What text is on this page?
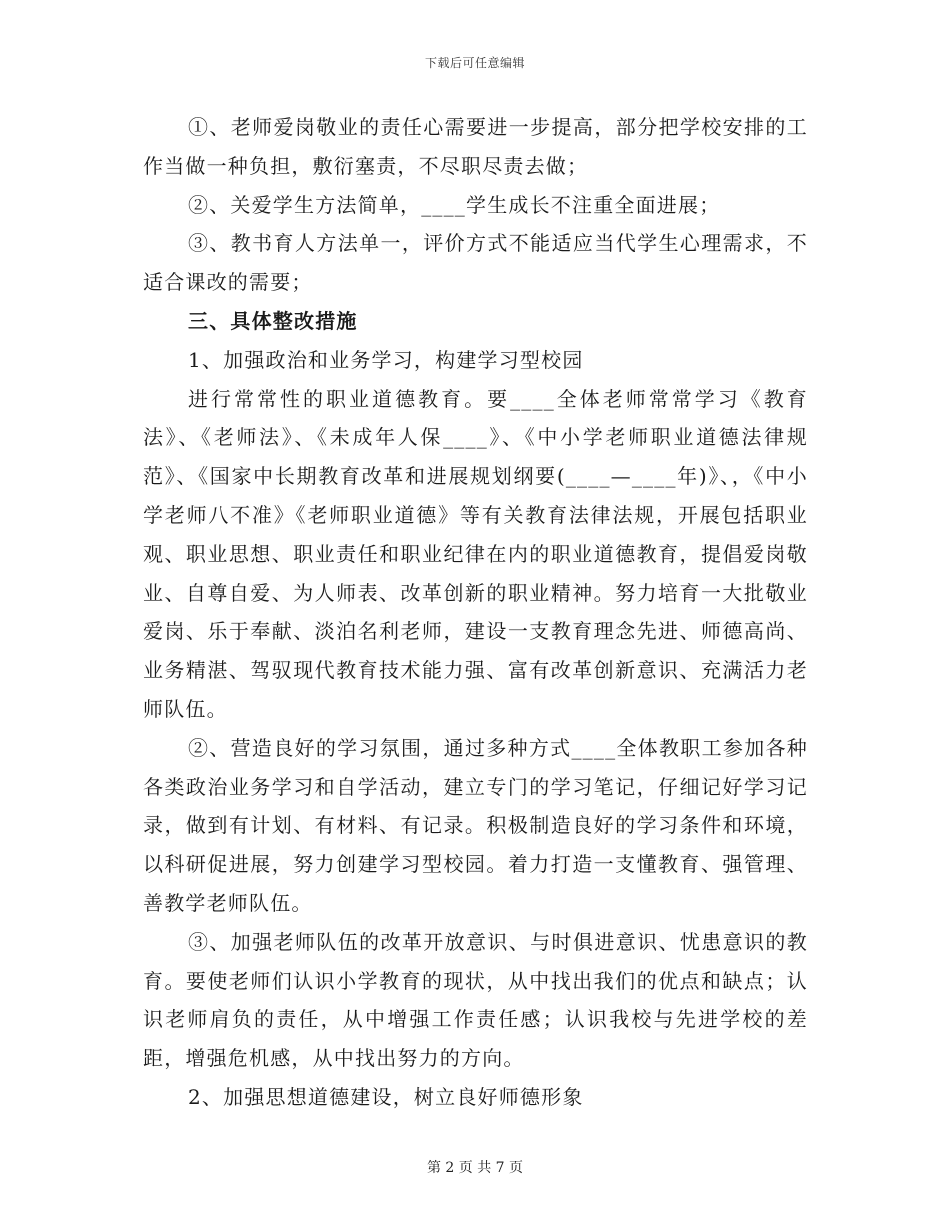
下载后可任意编辑

①、老师爱岗敬业的责任心需要进一步提高，部分把学校安排的工作当做一种负担，敷衍塞责，不尽职尽责去做；

②、关爱学生方法简单，____学生成长不注重全面进展；

③、教书育人方法单一，评价方式不能适应当代学生心理需求，不适合课改的需要；

三、具体整改措施

1、加强政治和业务学习，构建学习型校园

进行常常性的职业道德教育。要____全体老师常常学习《教育法》、《老师法》、《未成年人保____》、《中小学老师职业道德法律规范》、《国家中长期教育改革和进展规划纲要(____—____年)》、，《中小学老师八不准》《老师职业道德》等有关教育法律法规，开展包括职业观、职业思想、职业责任和职业纪律在内的职业道德教育，提倡爱岗敬业、自尊自爱、为人师表、改革创新的职业精神。努力培育一大批敬业爱岗、乐于奉献、淡泊名利老师，建设一支教育理念先进、师德高尚、业务精湛、驾驭现代教育技术能力强、富有改革创新意识、充满活力老师队伍。

②、营造良好的学习氛围，通过多种方式____全体教职工参加各种各类政治业务学习和自学活动，建立专门的学习笔记，仔细记好学习记录，做到有计划、有材料、有记录。积极制造良好的学习条件和环境，以科研促进展，努力创建学习型校园。着力打造一支懂教育、强管理、善教学老师队伍。

③、加强老师队伍的改革开放意识、与时俱进意识、忧患意识的教育。要使老师们认识小学教育的现状，从中找出我们的优点和缺点；认识老师肩负的责任，从中增强工作责任感；认识我校与先进学校的差距，增强危机感，从中找出努力的方向。

2、加强思想道德建设，树立良好师德形象

第 2 页 共 7 页
